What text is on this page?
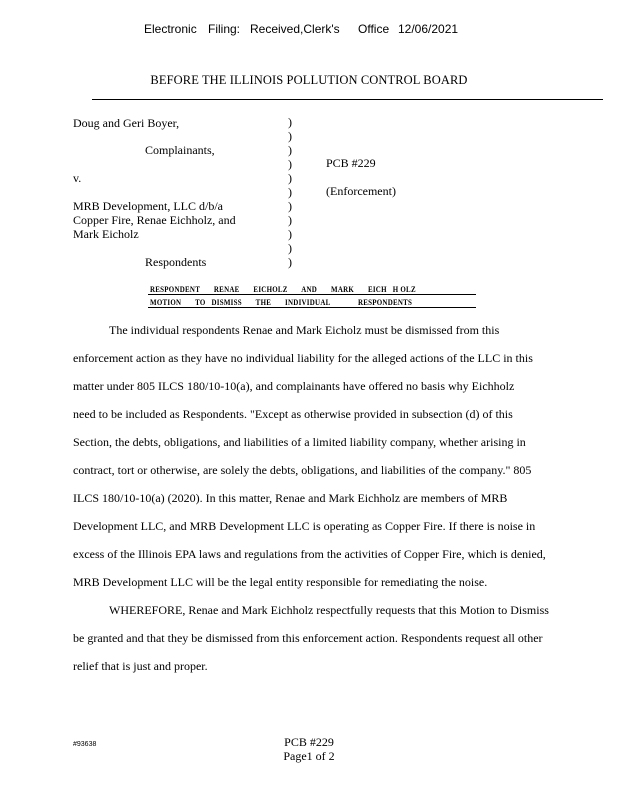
Electronic Filing: Received,Clerk's Office 12/06/2021
BEFORE THE ILLINOIS POLLUTION CONTROL BOARD
Doug and Geri Boyer,
Complainants,
v.
MRB Development, LLC d/b/a
Copper Fire, Renae Eichholz, and
Mark Eicholz
Respondents
)
)
)
)
)
)
)
)
)
)
)
PCB #229
(Enforcement)
RESPONDENT       RENAE       EICHOLZ       AND       MARK       EICH   H OLZ
MOTION       TO   DISMISS       THE       INDIVIDUAL              RESPONDENTS
The individual respondents Renae and Mark Eicholz must be dismissed from this
enforcement action as they have no individual liability for the alleged actions of the LLC in this
matter under 805 ILCS 180/10-10(a), and complainants have offered no basis why Eichholz
need to be included as Respondents. "Except as otherwise provided in subsection (d) of this
Section, the debts, obligations, and liabilities of a limited liability company, whether arising in
contract, tort or otherwise, are solely the debts, obligations, and liabilities of the company." 805
ILCS 180/10-10(a) (2020). In this matter, Renae and Mark Eichholz are members of MRB
Development LLC, and MRB Development LLC is operating as Copper Fire. If there is noise in
excess of the Illinois EPA laws and regulations from the activities of Copper Fire, which is denied,
MRB Development LLC will be the legal entity responsible for remediating the noise.
WHEREFORE, Renae and Mark Eichholz respectfully requests that this Motion to Dismiss
be granted and that they be dismissed from this enforcement action. Respondents request all other
relief that is just and proper.
#93638	PCB #229
Page1 of 2
